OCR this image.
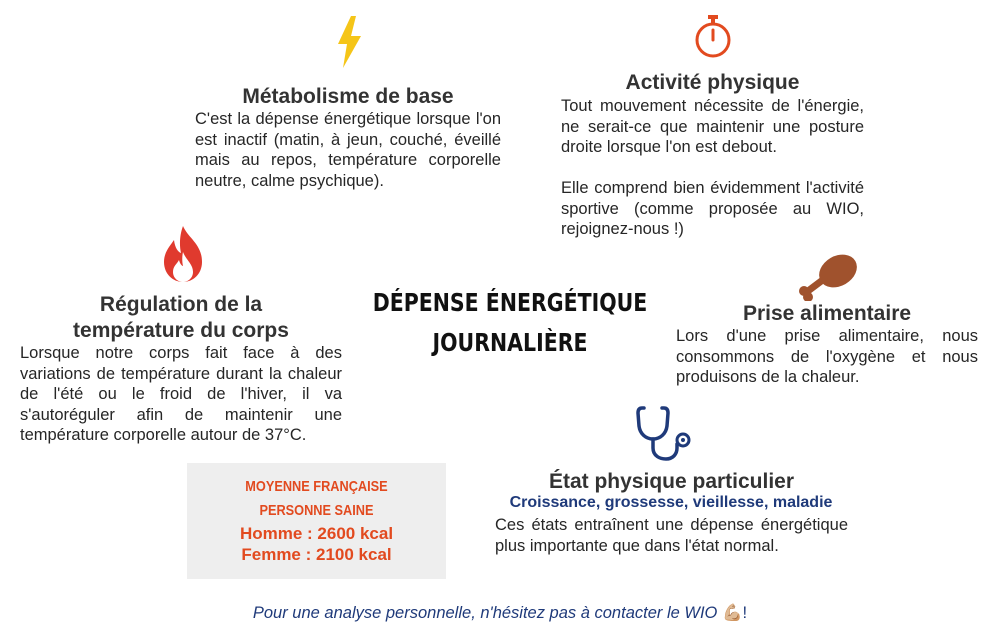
Métabolisme de base
C'est la dépense énergétique lorsque l'on est inactif (matin, à jeun, couché, éveillé mais au repos, température corporelle neutre, calme psychique).
Activité physique
Tout mouvement nécessite de l'énergie, ne serait-ce que maintenir une posture droite lorsque l'on est debout.
Elle comprend bien évidemment l'activité sportive (comme proposée au WIO, rejoignez-nous !)
Régulation de la
température du corps
Lorsque notre corps fait face à des variations de température durant la chaleur de l'été ou le froid de l'hiver, il va s'autoréguler afin de maintenir une température corporelle autour de 37°C.
DÉPENSE ÉNERGÉTIQUE
JOURNALIÈRE
Prise alimentaire
Lors d'une prise alimentaire, nous consommons de l'oxygène et nous produisons de la chaleur.
État physique particulier
Croissance, grossesse, vieillesse, maladie
Ces états entraînent une dépense énergétique plus importante que dans l'état normal.
MOYENNE FRANÇAISE
PERSONNE SAINE
Homme : 2600 kcal
Femme : 2100 kcal
Pour une analyse personnelle, n'hésitez pas à contacter le WIO 💪🏼!
